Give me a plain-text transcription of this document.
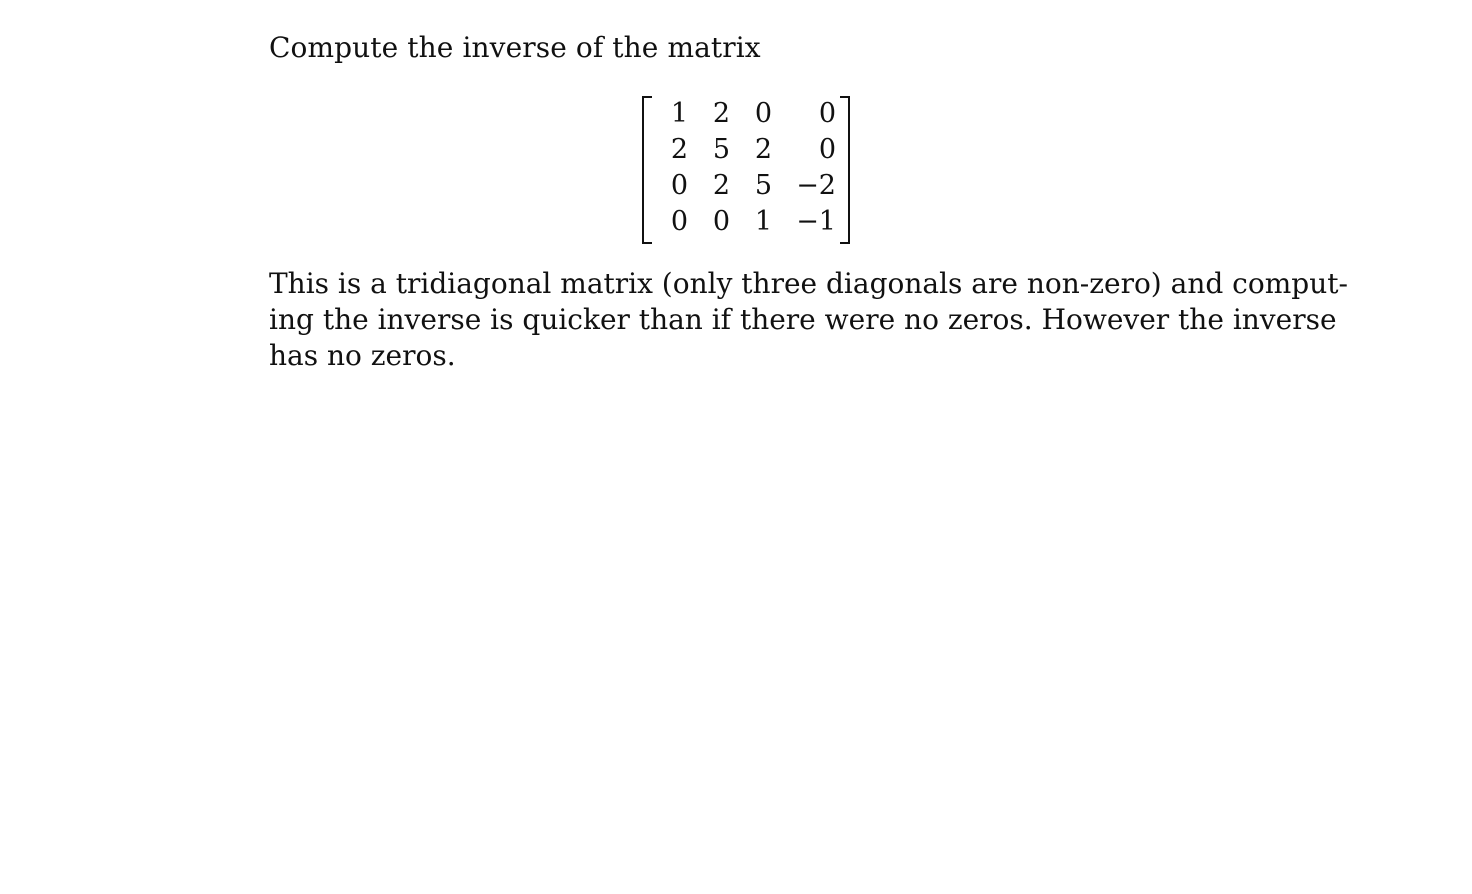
Compute the inverse of the matrix
1 2 0	0
2 5 2	0
0 2 5 −2
0 0 1 −1
This is a tridiagonal matrix (only three diagonals are non-zero) and comput-
ing the inverse is quicker than if there were no zeros. However the inverse
has no zeros.
